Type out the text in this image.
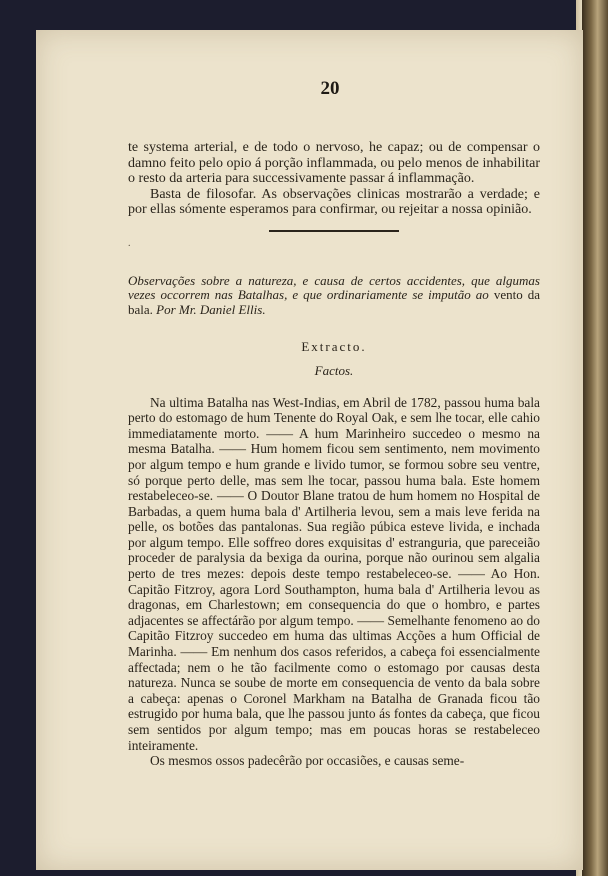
20

te systema arterial, e de todo o nervoso, he capaz; ou de compensar o damno feito pelo opio á porção inflammada, ou pelo menos de inhabilitar o resto da arteria para successivamente passar á inflammação.

Basta de filosofar. As observações clinicas mostrarão a verdade; e por ellas sómente esperamos para confirmar, ou rejeitar a nossa opinião.

.

Observações sobre a natureza, e causa de certos accidentes, que algumas vezes occorrem nas Batalhas, e que ordinariamente se imputão ao vento da bala. Por Mr. Daniel Ellis.

Extracto.
Factos.

Na ultima Batalha nas West-Indias, em Abril de 1782, passou huma bala perto do estomago de hum Tenente do Royal Oak, e sem lhe tocar, elle cahio immediatamente morto. —— A hum Marinheiro succedeo o mesmo na mesma Batalha. —— Hum homem ficou sem sentimento, nem movimento por algum tempo e hum grande e livido tumor, se formou sobre seu ventre, só porque perto delle, mas sem lhe tocar, passou huma bala. Este homem restabeleceo-se. —— O Doutor Blane tratou de hum homem no Hospital de Barbadas, a quem huma bala d' Artilheria levou, sem a mais leve ferida na pelle, os botões das pantalonas. Sua região púbica esteve livida, e inchada por algum tempo. Elle soffreo dores exquisitas d' estranguria, que pareceião proceder de paralysia da bexiga da ourina, porque não ourinou sem algalia perto de tres mezes: depois deste tempo restabeleceo-se. —— Ao Hon. Capitão Fitzroy, agora Lord Southampton, huma bala d' Artilheria levou as dragonas, em Charlestown; em consequencia do que o hombro, e partes adjacentes se affectárão por algum tempo. —— Semelhante fenomeno ao do Capitão Fitzroy succedeo em huma das ultimas Acções a hum Official de Marinha. —— Em nenhum dos casos referidos, a cabeça foi essencialmente affectada; nem o he tão facilmente como o estomago por causas desta natureza. Nunca se soube de morte em consequencia de vento da bala sobre a cabeça: apenas o Coronel Markham na Batalha de Granada ficou tão estrugido por huma bala, que lhe passou junto ás fontes da cabeça, que ficou sem sentidos por algum tempo; mas em poucas horas se restabeleceo inteiramente.

Os mesmos ossos padecêrão por occasiões, e causas seme-
